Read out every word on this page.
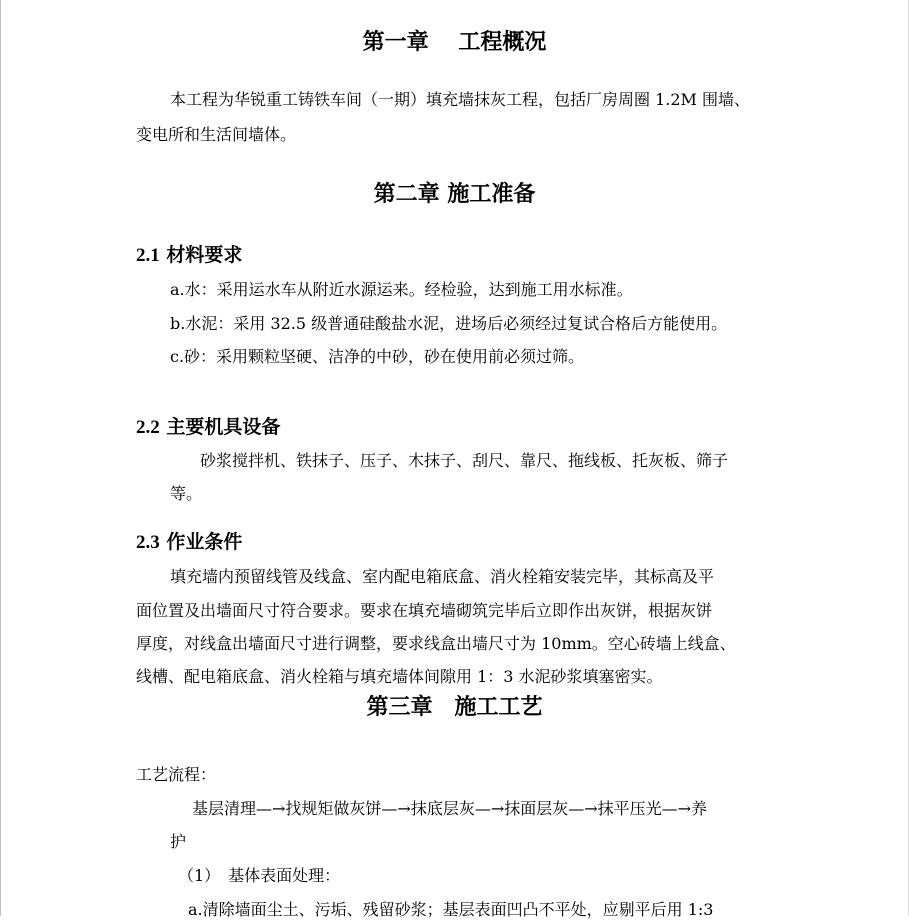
第一章　 工程概况
本工程为华锐重工铸铁车间（一期）填充墙抹灰工程，包括厂房周圈 1.2M 围墙、
变电所和生活间墙体。
第二章 施工准备
2.1 材料要求
a.水：采用运水车从附近水源运来。经检验，达到施工用水标准。
b.水泥：采用 32.5 级普通硅酸盐水泥，进场后必须经过复试合格后方能使用。
c.砂：采用颗粒坚硬、洁净的中砂，砂在使用前必须过筛。
2.2 主要机具设备
砂浆搅拌机、铁抹子、压子、木抹子、刮尺、靠尺、拖线板、托灰板、筛子
等。
2.3 作业条件
填充墙内预留线管及线盒、室内配电箱底盒、消火栓箱安装完毕，其标高及平
面位置及出墙面尺寸符合要求。要求在填充墙砌筑完毕后立即作出灰饼，根据灰饼
厚度，对线盒出墙面尺寸进行调整，要求线盒出墙尺寸为 10mm。空心砖墙上线盒、
线槽、配电箱底盒、消火栓箱与填充墙体间隙用 1：3 水泥砂浆填塞密实。
第三章　施工工艺
工艺流程：
基层清理—→找规矩做灰饼—→抹底层灰—→抹面层灰—→抹平压光—→养
护
（1）　基体表面处理：
a.清除墙面尘土、污垢、残留砂浆；基层表面凹凸不平处，应剔平后用 1:3
